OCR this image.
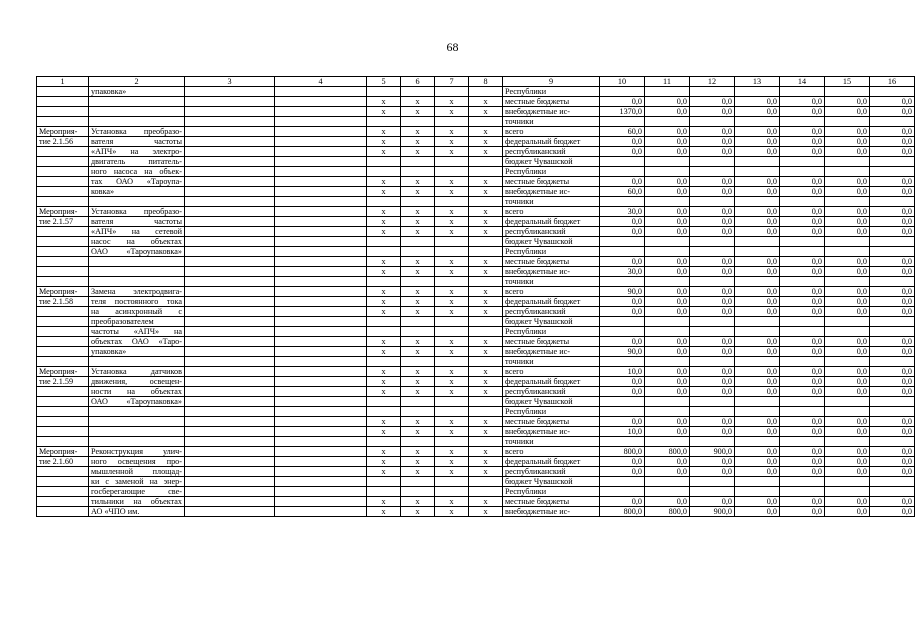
68
1	2	3	4	5	6	7	8	9	10	11	12	13	14	15	16
	упаковка»							Республики							
				х	х	х	х	местные бюджеты	0,0	0,0	0,0	0,0	0,0	0,0	0,0
				х	х	х	х	внебюджетные ис-	1370,0	0,0	0,0	0,0	0,0	0,0	0,0
								точники							
Мероприя-	Установка преобразо-			х	х	х	х	всего	60,0	0,0	0,0	0,0	0,0	0,0	0,0
тие 2.1.56	вателя частоты			х	х	х	х	федеральный бюджет	0,0	0,0	0,0	0,0	0,0	0,0	0,0
	«АПЧ» на электро-			х	х	х	х	республиканский	0,0	0,0	0,0	0,0	0,0	0,0	0,0
	двигатель питатель-							бюджет Чувашской							
	ного насоса на объек-							Республики							
	тах ОАО «Тароупа-			х	х	х	х	местные бюджеты	0,0	0,0	0,0	0,0	0,0	0,0	0,0
	ковка»			х	х	х	х	внебюджетные ис-	60,0	0,0	0,0	0,0	0,0	0,0	0,0
								точники							
Мероприя-	Установка преобразо-			х	х	х	х	всего	30,0	0,0	0,0	0,0	0,0	0,0	0,0
тие 2.1.57	вателя частоты			х	х	х	х	федеральный бюджет	0,0	0,0	0,0	0,0	0,0	0,0	0,0
	«АПЧ» на сетевой			х	х	х	х	республиканский	0,0	0,0	0,0	0,0	0,0	0,0	0,0
	насос на объектах							бюджет Чувашской							
	ОАО «Тароупаковка»							Республики							
				х	х	х	х	местные бюджеты	0,0	0,0	0,0	0,0	0,0	0,0	0,0
				х	х	х	х	внебюджетные ис-	30,0	0,0	0,0	0,0	0,0	0,0	0,0
								точники							
Мероприя-	Замена электродвига-			х	х	х	х	всего	90,0	0,0	0,0	0,0	0,0	0,0	0,0
тие 2.1.58	теля постоянного тока			х	х	х	х	федеральный бюджет	0,0	0,0	0,0	0,0	0,0	0,0	0,0
	на асинхронный с			х	х	х	х	республиканский	0,0	0,0	0,0	0,0	0,0	0,0	0,0
	преобразователем							бюджет Чувашской							
	частоты «АПЧ» на							Республики							
	объектах ОАО «Таро-			х	х	х	х	местные бюджеты	0,0	0,0	0,0	0,0	0,0	0,0	0,0
	упаковка»			х	х	х	х	внебюджетные ис-	90,0	0,0	0,0	0,0	0,0	0,0	0,0
								точники							
Мероприя-	Установка датчиков			х	х	х	х	всего	10,0	0,0	0,0	0,0	0,0	0,0	0,0
тие 2.1.59	движения, освещен-			х	х	х	х	федеральный бюджет	0,0	0,0	0,0	0,0	0,0	0,0	0,0
	ности на объектах			х	х	х	х	республиканский	0,0	0,0	0,0	0,0	0,0	0,0	0,0
	ОАО «Тароупаковка»							бюджет Чувашской							
								Республики							
				х	х	х	х	местные бюджеты	0,0	0,0	0,0	0,0	0,0	0,0	0,0
				х	х	х	х	внебюджетные ис-	10,0	0,0	0,0	0,0	0,0	0,0	0,0
								точники							
Мероприя-	Реконструкция улич-			х	х	х	х	всего	800,0	800,0	900,0	0,0	0,0	0,0	0,0
тие 2.1.60	ного освещения про-			х	х	х	х	федеральный бюджет	0,0	0,0	0,0	0,0	0,0	0,0	0,0
	мышленной площад-			х	х	х	х	республиканский	0,0	0,0	0,0	0,0	0,0	0,0	0,0
	ки с заменой на энер-							бюджет Чувашской							
	госберегающие све-							Республики							
	тильники на объектах			х	х	х	х	местные бюджеты	0,0	0,0	0,0	0,0	0,0	0,0	0,0
	АО «ЧПО им.			х	х	х	х	внебюджетные ис-	800,0	800,0	900,0	0,0	0,0	0,0	0,0
